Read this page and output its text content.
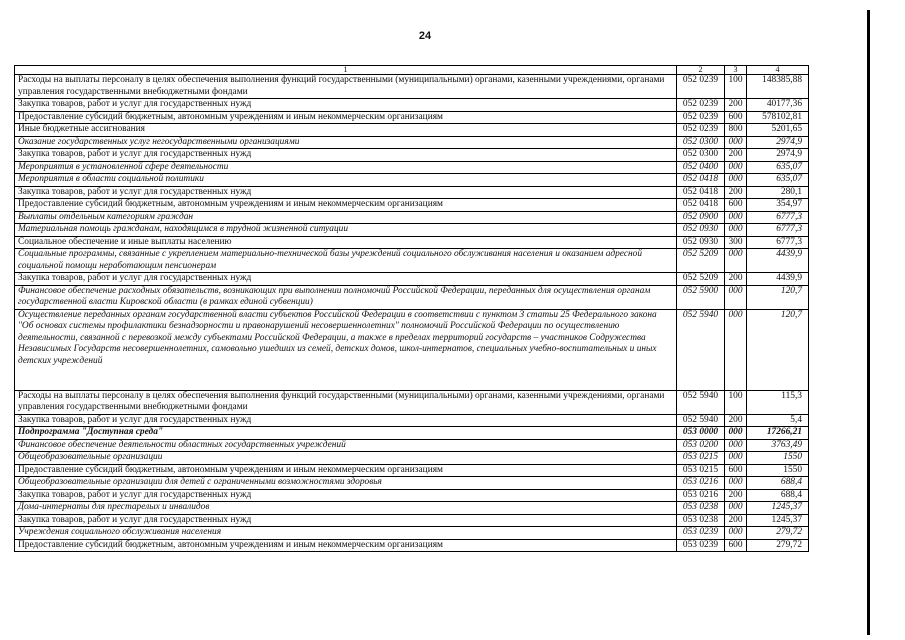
24
1	2	3	4
Расходы на выплаты персоналу в целях обеспечения выполнения функций государственными (муниципальными) органами, казенными учреждениями, органами управления государственными внебюджетными фондами	052 0239	100	148385,88
Закупка товаров, работ и услуг для государственных нужд	052 0239	200	40177,36
Предоставление субсидий бюджетным, автономным учреждениям и иным некоммерческим организациям	052 0239	600	578102,81
Иные бюджетные ассигнования	052 0239	800	5201,65
Оказание государственных услуг негосударственными организациями	052 0300	000	2974,9
Закупка товаров, работ и услуг для государственных нужд	052 0300	200	2974,9
Мероприятия в установленной сфере деятельности	052 0400	000	635,07
Мероприятия в области социальной политики	052 0418	000	635,07
Закупка товаров, работ и услуг для государственных нужд	052 0418	200	280,1
Предоставление субсидий бюджетным, автономным учреждениям и иным некоммерческим организациям	052 0418	600	354,97
Выплаты отдельным категориям граждан	052 0900	000	6777,3
Материальная помощь гражданам, находящимся в трудной жизненной ситуации	052 0930	000	6777,3
Социальное обеспечение и иные выплаты населению	052 0930	300	6777,3
Социальные программы, связанные с укреплением материально-технической базы учреждений социального обслуживания населения и оказанием адресной социальной помощи неработающим пенсионерам	052 5209	000	4439,9
Закупка товаров, работ и услуг для государственных нужд	052 5209	200	4439,9
Финансовое обеспечение расходных обязательств, возникающих при выполнении полномочий Российской Федерации, переданных для осуществления органам государственной власти Кировской области (в рамках единой субвенции)	052 5900	000	120,7
Осуществление переданных органам государственной власти субъектов Российской Федерации в соответствии с пунктом 3 статьи 25 Федерального закона "Об основах системы профилактики безнадзорности и правонарушений несовершеннолетних" полномочий Российской Федерации по осуществлению деятельности, связанной с перевозкой между субъектами Российской Федерации, а также в пределах территорий государств – участников Содружества Независимых Государств несовершеннолетних, самовольно ушедших из семей, детских домов, школ-интернатов, специальных учебно-воспитательных и иных детских учреждений	052 5940	000	120,7
Расходы на выплаты персоналу в целях обеспечения выполнения функций государственными (муниципальными) органами, казенными учреждениями, органами управления государственными внебюджетными фондами	052 5940	100	115,3
Закупка товаров, работ и услуг для государственных нужд	052 5940	200	5,4
Подпрограмма "Доступная среда"	053 0000	000	17266,21
Финансовое обеспечение деятельности областных государственных учреждений	053 0200	000	3763,49
Общеобразовательные организации	053 0215	000	1550
Предоставление субсидий бюджетным, автономным учреждениям и иным некоммерческим организациям	053 0215	600	1550
Общеобразовательные организации для детей с ограниченными возможностями здоровья	053 0216	000	688,4
Закупка товаров, работ и услуг для государственных нужд	053 0216	200	688,4
Дома-интернаты для престарелых и инвалидов	053 0238	000	1245,37
Закупка товаров, работ и услуг для государственных нужд	053 0238	200	1245,37
Учреждения социального обслуживания населения	053 0239	000	279,72
Предоставление субсидий бюджетным, автономным учреждениям и иным некоммерческим организациям	053 0239	600	279,72
